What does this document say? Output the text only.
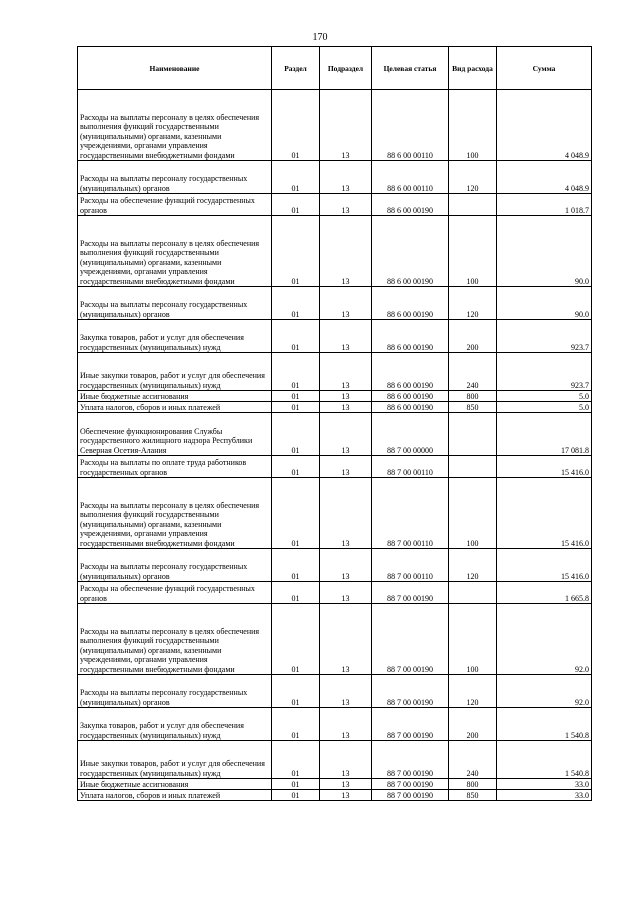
170
Наименование	Раздел	Подраздел	Целевая статья	Вид расхода	Сумма
Расходы на выплаты персоналу в целях обеспечения выполнения функций государственными (муниципальными) органами, казенными учреждениями, органами управления государственными внебюджетными фондами	01	13	88 6 00 00110	100	4 048.9
Расходы на выплаты персоналу государственных (муниципальных) органов	01	13	88 6 00 00110	120	4 048.9
Расходы на обеспечение функций государственных органов	01	13	88 6 00 00190		1 018.7
Расходы на выплаты персоналу в целях обеспечения выполнения функций государственными (муниципальными) органами, казенными учреждениями, органами управления государственными внебюджетными фондами	01	13	88 6 00 00190	100	90.0
Расходы на выплаты персоналу государственных (муниципальных) органов	01	13	88 6 00 00190	120	90.0
Закупка товаров, работ и услуг для обеспечения государственных (муниципальных) нужд	01	13	88 6 00 00190	200	923.7
Иные закупки товаров, работ и услуг для обеспечения государственных (муниципальных) нужд	01	13	88 6 00 00190	240	923.7
Иные бюджетные ассигнования	01	13	88 6 00 00190	800	5.0
Уплата налогов, сборов и иных платежей	01	13	88 6 00 00190	850	5.0
Обеспечение функционирования Службы государственного жилищного надзора Республики Северная Осетия-Алания	01	13	88 7 00 00000		17 081.8
Расходы на выплаты по оплате труда работников государственных органов	01	13	88 7 00 00110		15 416.0
Расходы на выплаты персоналу в целях обеспечения выполнения функций государственными (муниципальными) органами, казенными учреждениями, органами управления государственными внебюджетными фондами	01	13	88 7 00 00110	100	15 416.0
Расходы на выплаты персоналу государственных (муниципальных) органов	01	13	88 7 00 00110	120	15 416.0
Расходы на обеспечение функций государственных органов	01	13	88 7 00 00190		1 665.8
Расходы на выплаты персоналу в целях обеспечения выполнения функций государственными (муниципальными) органами, казенными учреждениями, органами управления государственными внебюджетными фондами	01	13	88 7 00 00190	100	92.0
Расходы на выплаты персоналу государственных (муниципальных) органов	01	13	88 7 00 00190	120	92.0
Закупка товаров, работ и услуг для обеспечения государственных (муниципальных) нужд	01	13	88 7 00 00190	200	1 540.8
Иные закупки товаров, работ и услуг для обеспечения государственных (муниципальных) нужд	01	13	88 7 00 00190	240	1 540.8
Иные бюджетные ассигнования	01	13	88 7 00 00190	800	33.0
Уплата налогов, сборов и иных платежей	01	13	88 7 00 00190	850	33.0
